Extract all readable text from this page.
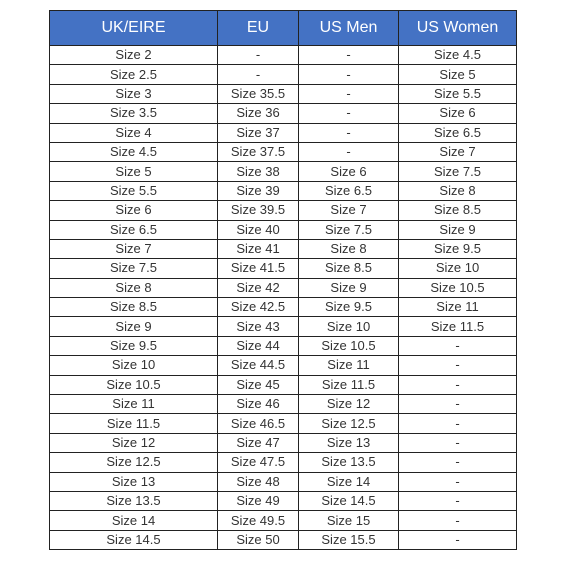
UK/EIRE	EU	US Men	US Women
Size 2	-	-	Size 4.5
Size 2.5	-	-	Size 5
Size 3	Size 35.5	-	Size 5.5
Size 3.5	Size 36	-	Size 6
Size 4	Size 37	-	Size 6.5
Size 4.5	Size 37.5	-	Size 7
Size 5	Size 38	Size 6	Size 7.5
Size 5.5	Size 39	Size 6.5	Size 8
Size 6	Size 39.5	Size 7	Size 8.5
Size 6.5	Size 40	Size 7.5	Size 9
Size 7	Size 41	Size 8	Size 9.5
Size 7.5	Size 41.5	Size 8.5	Size 10
Size 8	Size 42	Size 9	Size 10.5
Size 8.5	Size 42.5	Size 9.5	Size 11
Size 9	Size 43	Size 10	Size 11.5
Size 9.5	Size 44	Size 10.5	-
Size 10	Size 44.5	Size 11	-
Size 10.5	Size 45	Size 11.5	-
Size 11	Size 46	Size 12	-
Size 11.5	Size 46.5	Size 12.5	-
Size 12	Size 47	Size 13	-
Size 12.5	Size 47.5	Size 13.5	-
Size 13	Size 48	Size 14	-
Size 13.5	Size 49	Size 14.5	-
Size 14	Size 49.5	Size 15	-
Size 14.5	Size 50	Size 15.5	-
